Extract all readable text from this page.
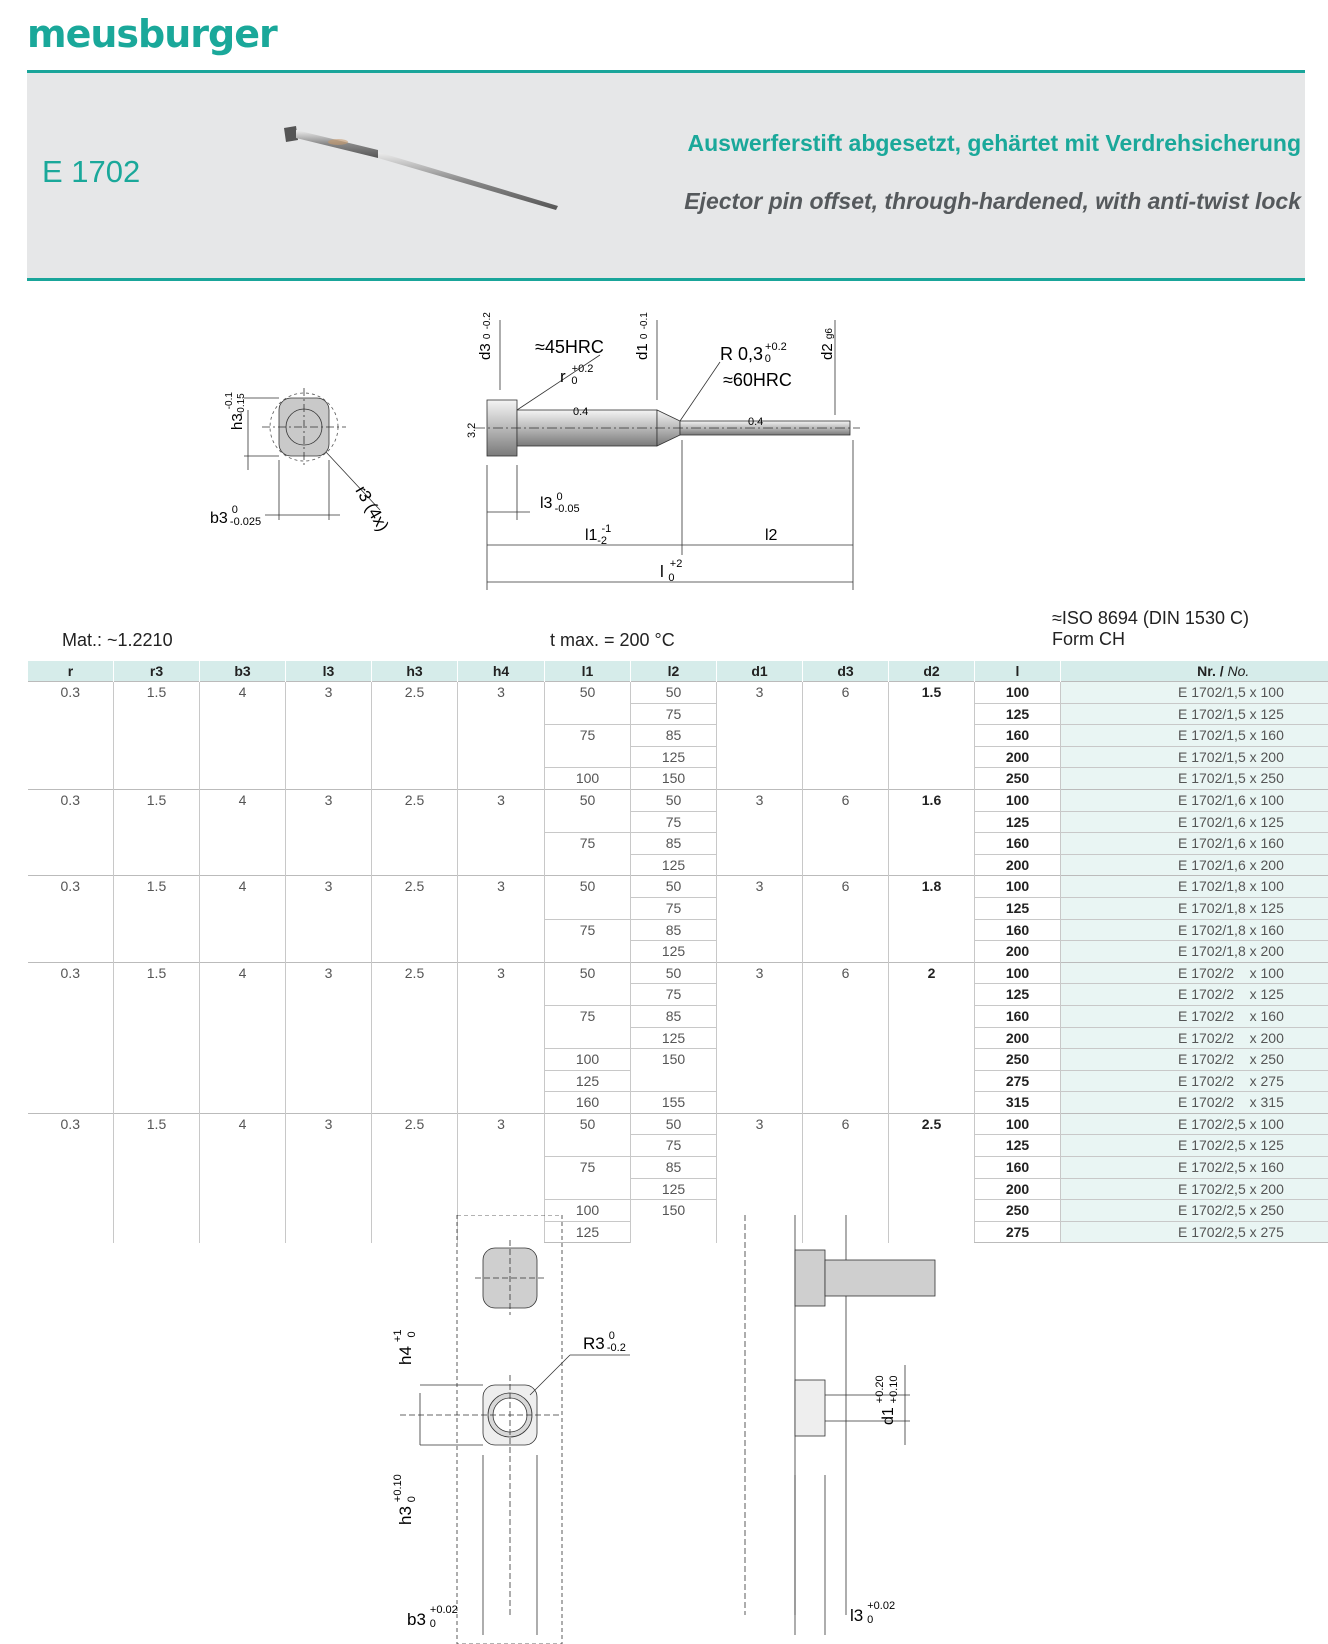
meusburger
E 1702
Auswerferstift abgesetzt, gehärtet mit Verdrehsicherung
Ejector pin offset, through-hardened, with anti-twist lock
d3 0 -0.2
d1 0 -0.1
d2 g6
≈45HRC
r $^{+0.2}$ 0
R 0,3 $^{+0.2}$ 0
≈60HRC
0.4
0.4
3.2
$h3^{-0.1}-0.15$
b3 $^0$ -0.025	r3 (4x)	l3 $^0$ -0.05
l1 $^{-1}$ -2	l2
l $^{+2}$ 0
Mat.: ~1.2210	t max. = 200 °C
≈ISO 8694 (DIN 1530 C)
Form CH
r	r3	b3	l3	h3	h4	l1	l2	d1	d3	d2	l	Nr. / No.
0.3	1.5	4	3	2.5	3	50	50	3	6	1.5	100	E 1702/1,5 x 100
							75				125	E 1702/1,5 x 125
						75	85				160	E 1702/1,5 x 160
							125				200	E 1702/1,5 x 200
						100	150				250	E 1702/1,5 x 250
0.3	1.5	4	3	2.5	3	50	50	3	6	1.6	100	E 1702/1,6 x 100
							75				125	E 1702/1,6 x 125
						75	85				160	E 1702/1,6 x 160
							125				200	E 1702/1,6 x 200
0.3	1.5	4	3	2.5	3	50	50	3	6	1.8	100	E 1702/1,8 x 100
							75				125	E 1702/1,8 x 125
						75	85				160	E 1702/1,8 x 160
							125				200	E 1702/1,8 x 200
0.3	1.5	4	3	2.5	3	50	50	3	6	2	100	E 1702/2    x 100
							75				125	E 1702/2    x 125
						75	85				160	E 1702/2    x 160
							125				200	E 1702/2    x 200
						100	150				250	E 1702/2    x 250
						125					275	E 1702/2    x 275
						160	155				315	E 1702/2    x 315
0.3	1.5	4	3	2.5	3	50	50	3	6	2.5	100	E 1702/2,5 x 100
							75				125	E 1702/2,5 x 125
						75	85				160	E 1702/2,5 x 160
							125				200	E 1702/2,5 x 200
						100	150				250	E 1702/2,5 x 250
						125					275	E 1702/2,5 x 275
$h4^{+1}$ 0	R3 $^0$ -0.2
$h3^{+0.10}$ 0
b3 $^{+0.02}$ 0
$d1^{+0.20} +0.10$
l3 $^{+0.02}$ 0
